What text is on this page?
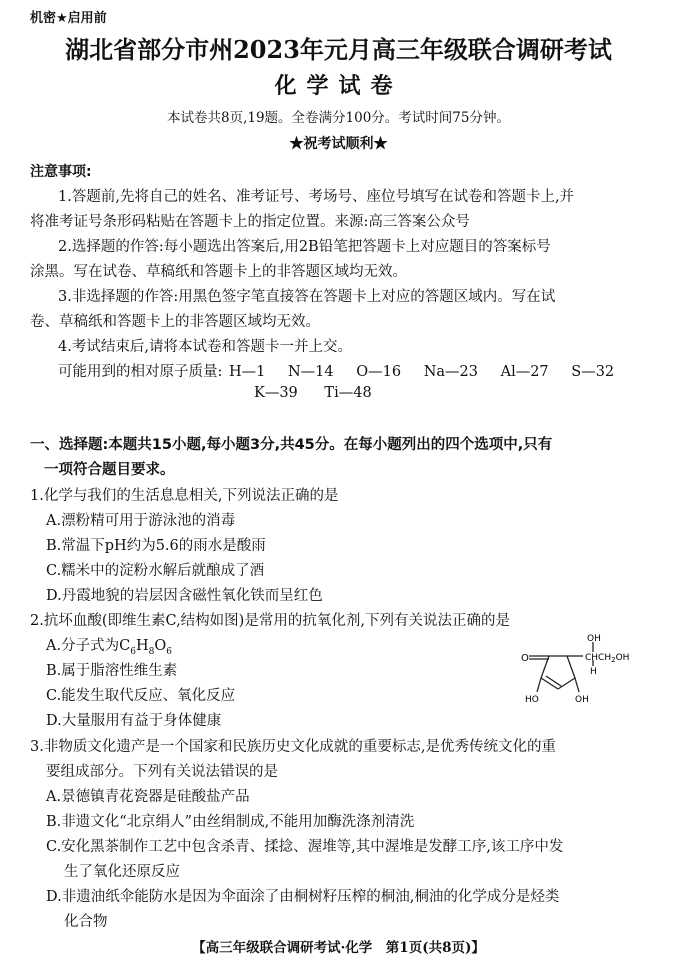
机密★启用前
湖北省部分市州2023年元月高三年级联合调研考试
化学试卷
本试卷共8页,19题。全卷满分100分。考试时间75分钟。
★祝考试顺利★
注意事项:
1.答题前,先将自己的姓名、准考证号、考场号、座位号填写在试卷和答题卡上,并
将准考证号条形码粘贴在答题卡上的指定位置。来源:高三答案公众号
2.选择题的作答:每小题选出答案后,用2B铅笔把答题卡上对应题目的答案标号
涂黑。写在试卷、草稿纸和答题卡上的非答题区域均无效。
3.非选择题的作答:用黑色签字笔直接答在答题卡上对应的答题区域内。写在试
卷、草稿纸和答题卡上的非答题区域均无效。
4.考试结束后,请将本试卷和答题卡一并上交。
可能用到的相对原子质量: H—1 N—14 O—16 Na—23 Al—27 S—32
K—39 Ti—48
一、选择题:本题共15小题,每小题3分,共45分。在每小题列出的四个选项中,只有
一项符合题目要求。
1.化学与我们的生活息息相关,下列说法正确的是
A.漂粉精可用于游泳池的消毒
B.常温下pH约为5.6的雨水是酸雨
C.糯米中的淀粉水解后就酿成了酒
D.丹霞地貌的岩层因含磁性氧化铁而呈红色
2.抗坏血酸(即维生素C,结构如图)是常用的抗氧化剂,下列有关说法正确的是
A.分子式为$C_6H_8O_6$
B.属于脂溶性维生素
C.能发生取代反应、氧化反应
D.大量服用有益于身体健康
O
OH
$CHCH_2OH$
H
HO	OH
3.非物质文化遗产是一个国家和民族历史文化成就的重要标志,是优秀传统文化的重
要组成部分。下列有关说法错误的是
A.景德镇青花瓷器是硅酸盐产品
B.非遗文化“北京绢人”由丝绢制成,不能用加酶洗涤剂清洗
C.安化黑茶制作工艺中包含杀青、揉捻、渥堆等,其中渥堆是发酵工序,该工序中发
生了氧化还原反应
D.非遗油纸伞能防水是因为伞面涂了由桐树籽压榨的桐油,桐油的化学成分是烃类
化合物
【高三年级联合调研考试·化学　第1页(共8页)】
